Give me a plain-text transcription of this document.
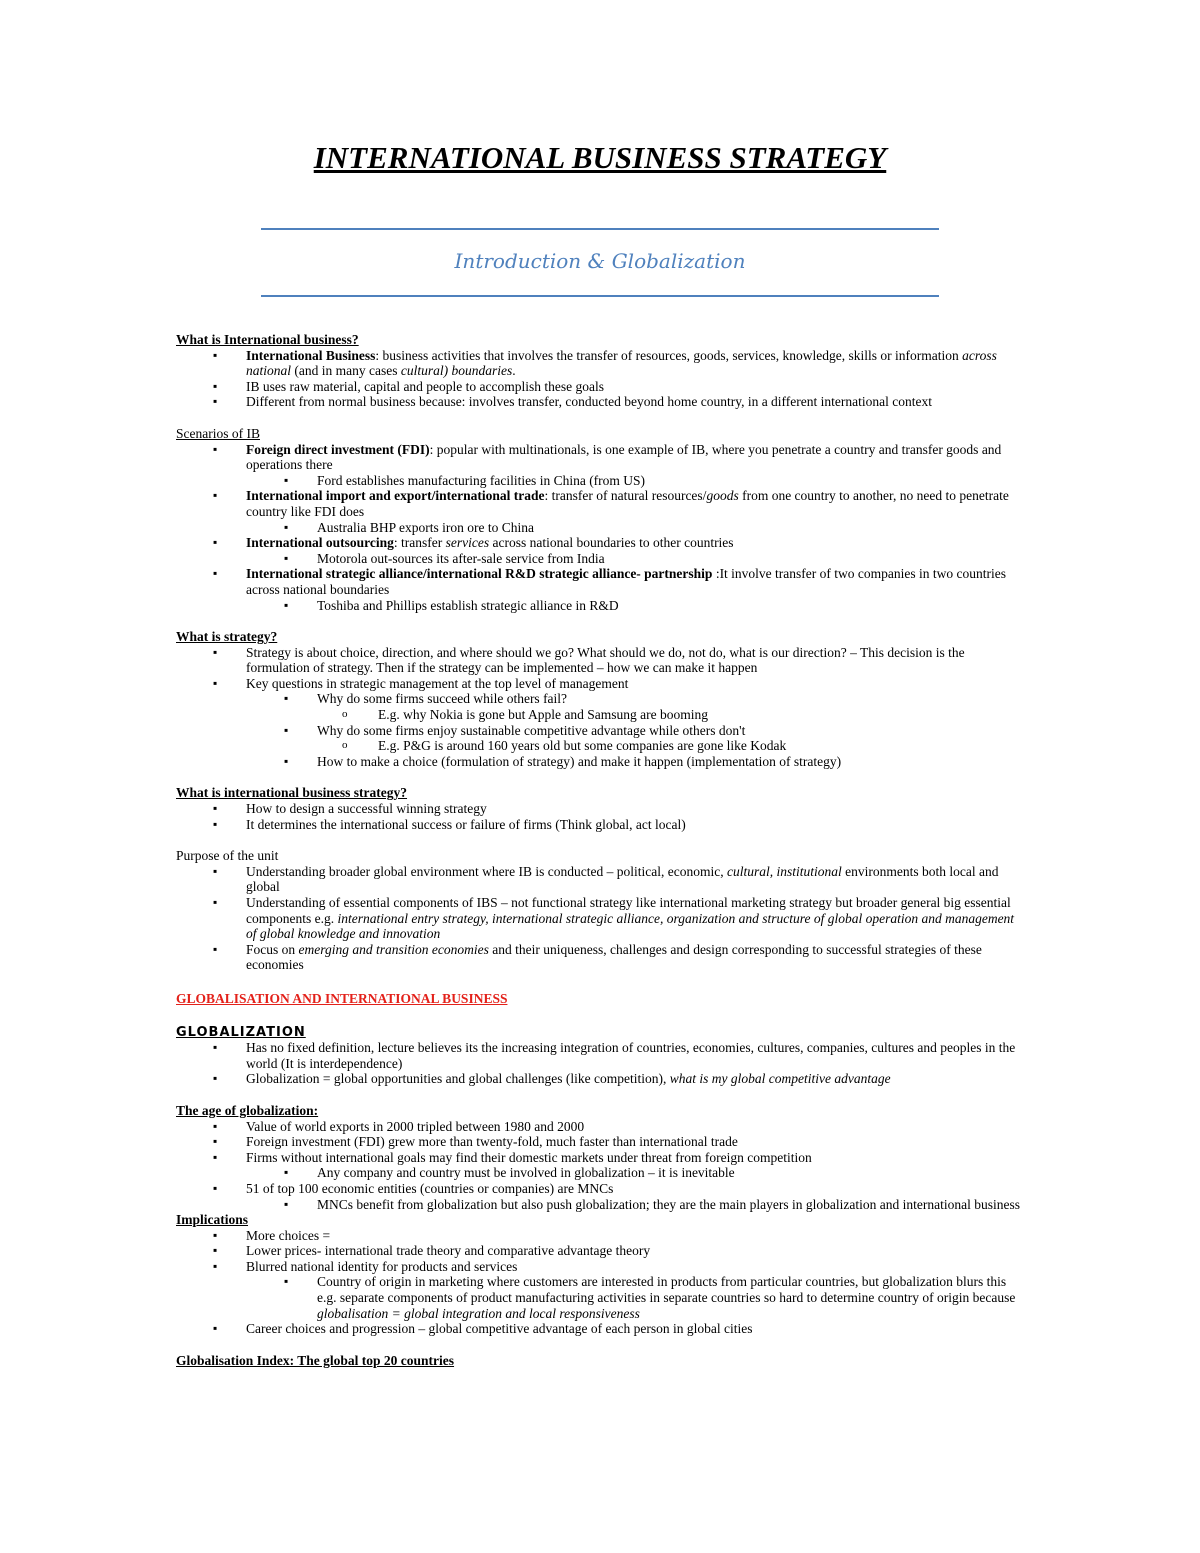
INTERNATIONAL BUSINESS STRATEGY
Introduction & Globalization

What is International business?

▪ International Business: business activities that involves the transfer of resources, goods, services, knowledge, skills or information across national (and in many cases cultural) boundaries.
▪ IB uses raw material, capital and people to accomplish these goals
▪ Different from normal business because: involves transfer, conducted beyond home country, in a different international context

Scenarios of IB

▪ Foreign direct investment (FDI): popular with multinationals, is one example of IB, where you penetrate a country and transfer goods and operations there
▪ Ford establishes manufacturing facilities in China (from US)
▪ International import and export/international trade: transfer of natural resources/goods from one country to another, no need to penetrate country like FDI does
▪ Australia BHP exports iron ore to China
▪ International outsourcing: transfer services across national boundaries to other countries
▪ Motorola out-sources its after-sale service from India
▪ International strategic alliance/international R&D strategic alliance- partnership :It involve transfer of two companies in two countries across national boundaries
▪ Toshiba and Phillips establish strategic alliance in R&D

What is strategy?

▪ Strategy is about choice, direction, and where should we go? What should we do, not do, what is our direction? – This decision is the formulation of strategy. Then if the strategy can be implemented – how we can make it happen
▪ Key questions in strategic management at the top level of management
▪ Why do some firms succeed while others fail?
o E.g. why Nokia is gone but Apple and Samsung are booming
▪ Why do some firms enjoy sustainable competitive advantage while others don't
o E.g. P&G is around 160 years old but some companies are gone like Kodak
▪ How to make a choice (formulation of strategy) and make it happen (implementation of strategy)

What is international business strategy?

▪ How to design a successful winning strategy
▪ It determines the international success or failure of firms (Think global, act local)

Purpose of the unit

▪ Understanding broader global environment where IB is conducted – political, economic, cultural, institutional environments both local and global
▪ Understanding of essential components of IBS – not functional strategy like international marketing strategy but broader general big essential components e.g. international entry strategy, international strategic alliance, organization and structure of global operation and management of global knowledge and innovation
▪ Focus on emerging and transition economies and their uniqueness, challenges and design corresponding to successful strategies of these economies

GLOBALISATION AND INTERNATIONAL BUSINESS

GLOBALIZATION

▪ Has no fixed definition, lecture believes its the increasing integration of countries, economies, cultures, companies, cultures and peoples in the world (It is interdependence)
▪ Globalization = global opportunities and global challenges (like competition), what is my global competitive advantage

The age of globalization:

▪ Value of world exports in 2000 tripled between 1980 and 2000
▪ Foreign investment (FDI) grew more than twenty-fold, much faster than international trade
▪ Firms without international goals may find their domestic markets under threat from foreign competition
▪ Any company and country must be involved in globalization – it is inevitable
▪ 51 of top 100 economic entities (countries or companies) are MNCs
▪ MNCs benefit from globalization but also push globalization; they are the main players in globalization and international business

Implications

▪ More choices =
▪ Lower prices- international trade theory and comparative advantage theory
▪ Blurred national identity for products and services
▪ Country of origin in marketing where customers are interested in products from particular countries, but globalization blurs this e.g. separate components of product manufacturing activities in separate countries so hard to determine country of origin because globalisation = global integration and local responsiveness
▪ Career choices and progression – global competitive advantage of each person in global cities

Globalisation Index: The global top 20 countries
